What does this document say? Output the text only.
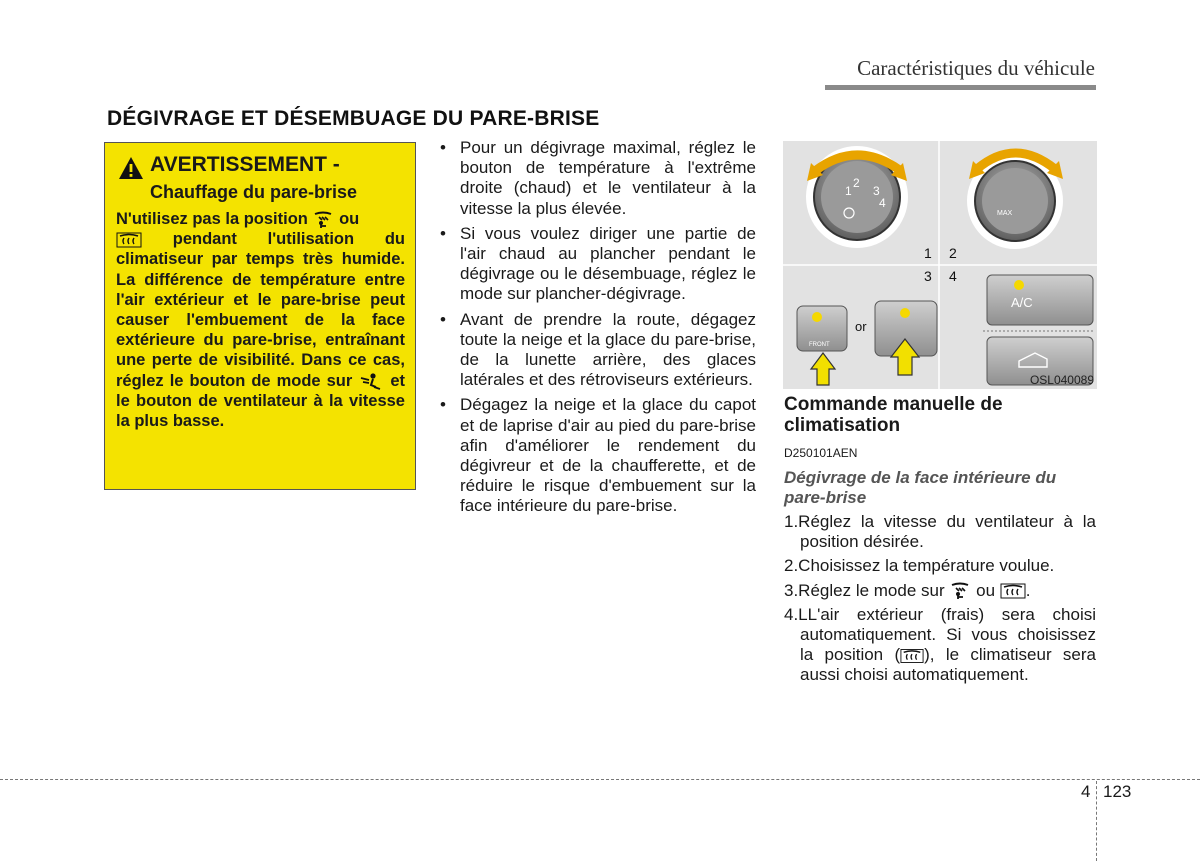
Caractéristiques du véhicule
DÉGIVRAGE ET DÉSEMBUAGE DU PARE-BRISE
AVERTISSEMENT -
Chauffage du pare-brise
N'utilisez pas la position ou
pendant l'utilisation du climatiseur par temps très humide. La différence de température entre l'air extérieur et le pare-brise peut causer l'embuement de la face extérieure du pare-brise, entraînant une perte de visibilité. Dans ce cas, réglez le bouton de mode sur et le bouton de ventilateur à la vitesse la plus basse.
• Pour un dégivrage maximal, réglez le bouton de température à l'extrême droite (chaud) et le ventilateur à la vitesse la plus élevée.
• Si vous voulez diriger une partie de l'air chaud au plancher pendant le dégivrage ou le désembuage, réglez le mode sur plancher-dégivrage.
• Avant de prendre la route, dégagez toute la neige et la glace du pare-brise, de la lunette arrière, des glaces latérales et des rétroviseurs extérieurs.
• Dégagez la neige et la glace du capot et de laprise d'air au pied du pare-brise afin d'améliorer le rendement du dégivreur et de la chaufferette, et de réduire le risque d'embuement sur la face intérieure du pare-brise.
1
2
3
4
MAX
1 2
3 4
FRONT
or
A/C
OSL040089
Commande manuelle de climatisation
D250101AEN
Dégivrage de la face intérieure du pare-brise
1.Réglez la vitesse du ventilateur à la position désirée.
2.Choisissez la température voulue.
3.Réglez le mode sur ou .
4.LL'air extérieur (frais) sera choisi automatiquement. Si vous choisissez la position ( ), le climatiseur sera aussi choisi automatiquement.
4 123
